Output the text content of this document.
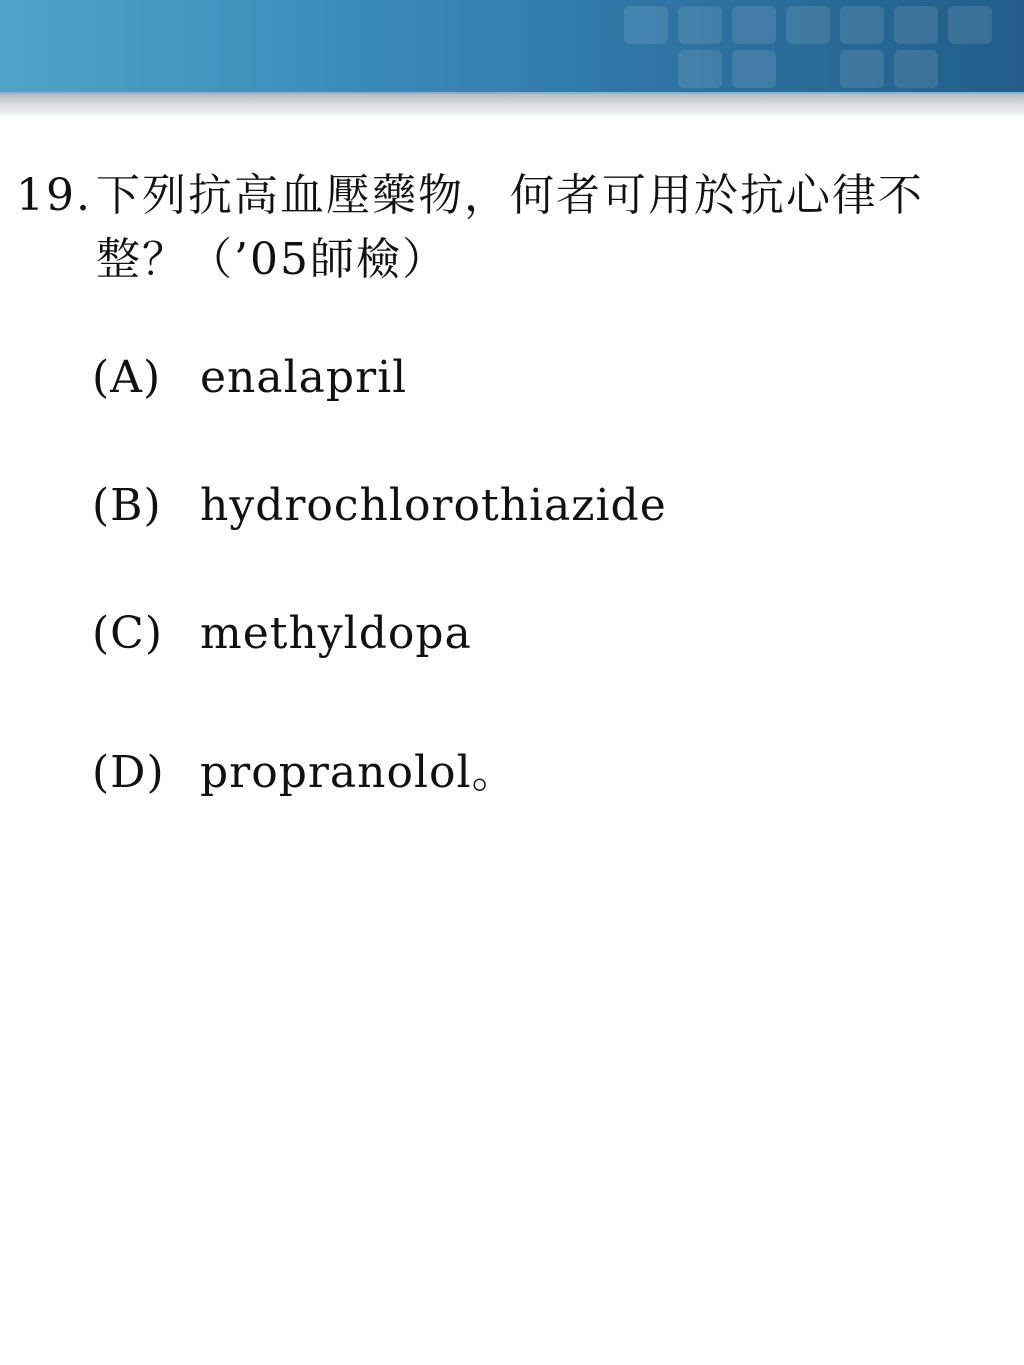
19. 下列抗高血壓藥物，何者可用於抗心律不整？（’05師檢）
(A) enalapril
(B) hydrochlorothiazide
(C) methyldopa
(D) propranolol。
